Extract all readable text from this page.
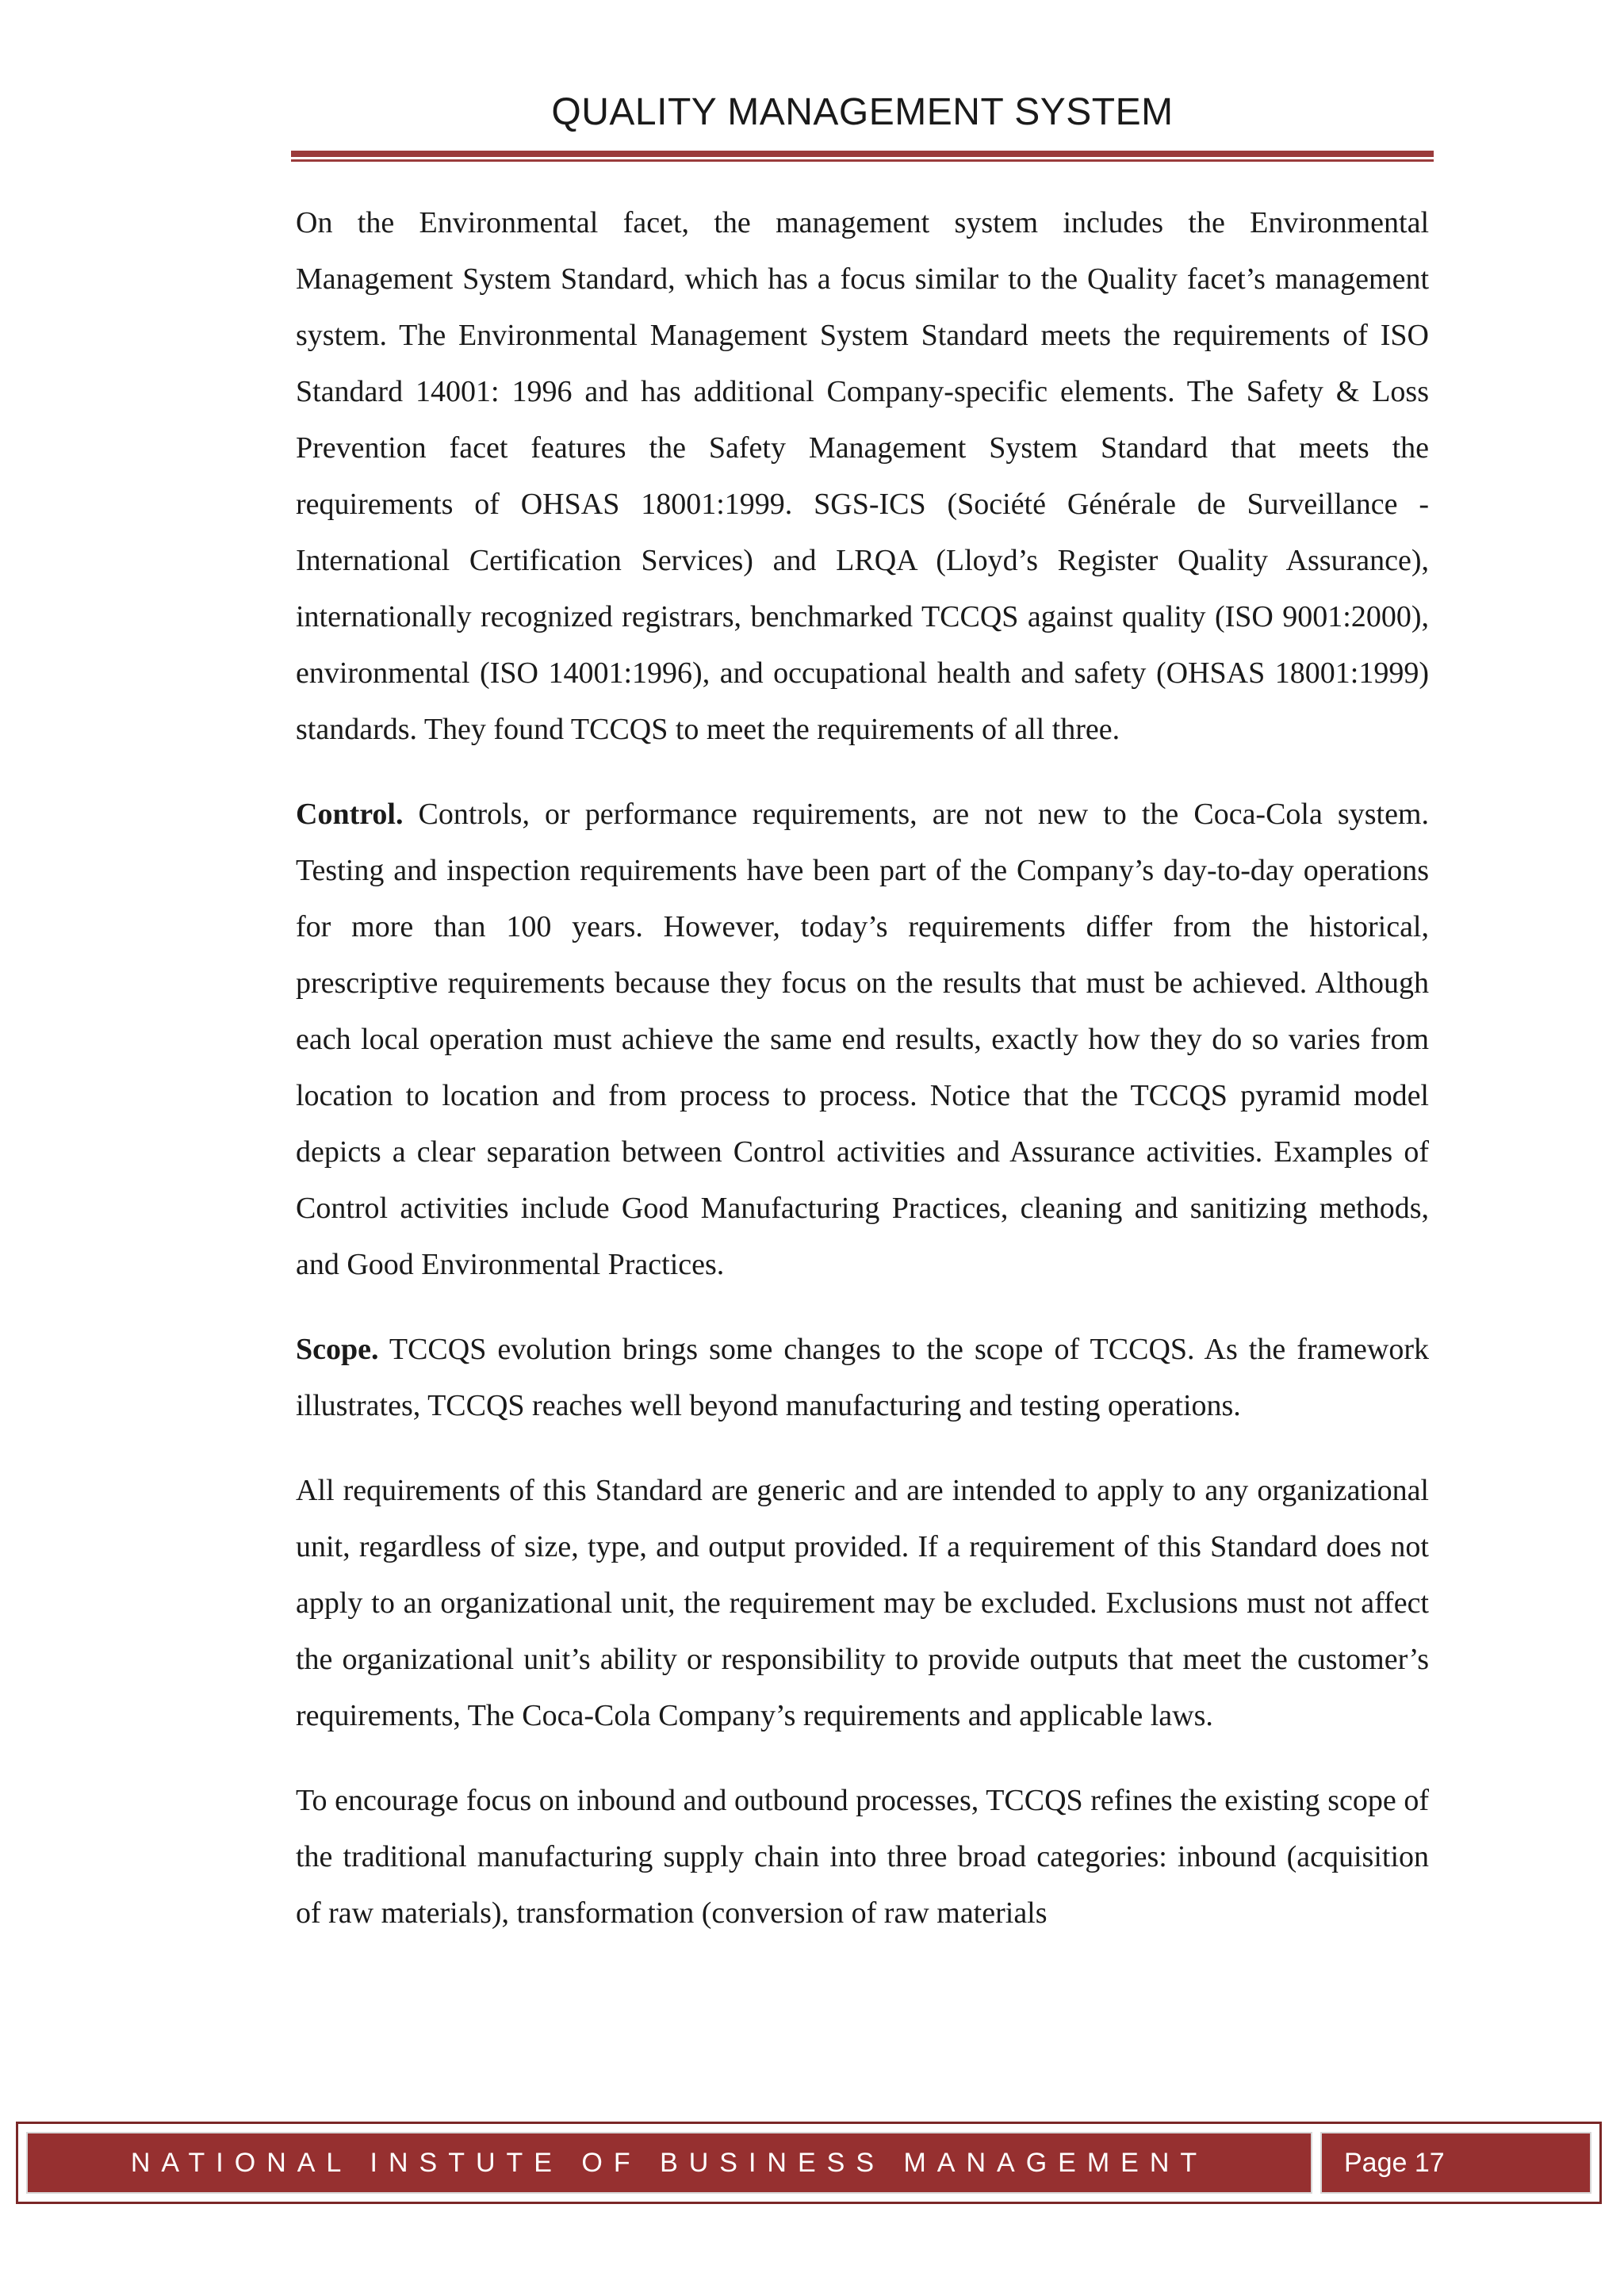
QUALITY MANAGEMENT SYSTEM

On the Environmental facet, the management system includes the Environmental Management System Standard, which has a focus similar to the Quality facet’s management system. The Environmental Management System Standard meets the requirements of ISO Standard 14001: 1996 and has additional Company-specific elements. The Safety & Loss Prevention facet features the Safety Management System Standard that meets the requirements of OHSAS 18001:1999. SGS-ICS (Société Générale de Surveillance - International Certification Services) and LRQA (Lloyd’s Register Quality Assurance), internationally recognized registrars, benchmarked TCCQS against quality (ISO 9001:2000), environmental (ISO 14001:1996), and occupational health and safety (OHSAS 18001:1999) standards. They found TCCQS to meet the requirements of all three.

Control. Controls, or performance requirements, are not new to the Coca-Cola system. Testing and inspection requirements have been part of the Company’s day-to-day operations for more than 100 years. However, today’s requirements differ from the historical, prescriptive requirements because they focus on the results that must be achieved. Although each local operation must achieve the same end results, exactly how they do so varies from location to location and from process to process. Notice that the TCCQS pyramid model depicts a clear separation between Control activities and Assurance activities. Examples of Control activities include Good Manufacturing Practices, cleaning and sanitizing methods, and Good Environmental Practices.

Scope. TCCQS evolution brings some changes to the scope of TCCQS. As the framework illustrates, TCCQS reaches well beyond manufacturing and testing operations.

All requirements of this Standard are generic and are intended to apply to any organizational unit, regardless of size, type, and output provided. If a requirement of this Standard does not apply to an organizational unit, the requirement may be excluded. Exclusions must not affect the organizational unit’s ability or responsibility to provide outputs that meet the customer’s requirements, The Coca-Cola Company’s requirements and applicable laws.

To encourage focus on inbound and outbound processes, TCCQS refines the existing scope of the traditional manufacturing supply chain into three broad categories: inbound (acquisition of raw materials), transformation (conversion of raw materials

NATIONAL INSTUTE OF BUSINESS MANAGEMENT	Page 17
